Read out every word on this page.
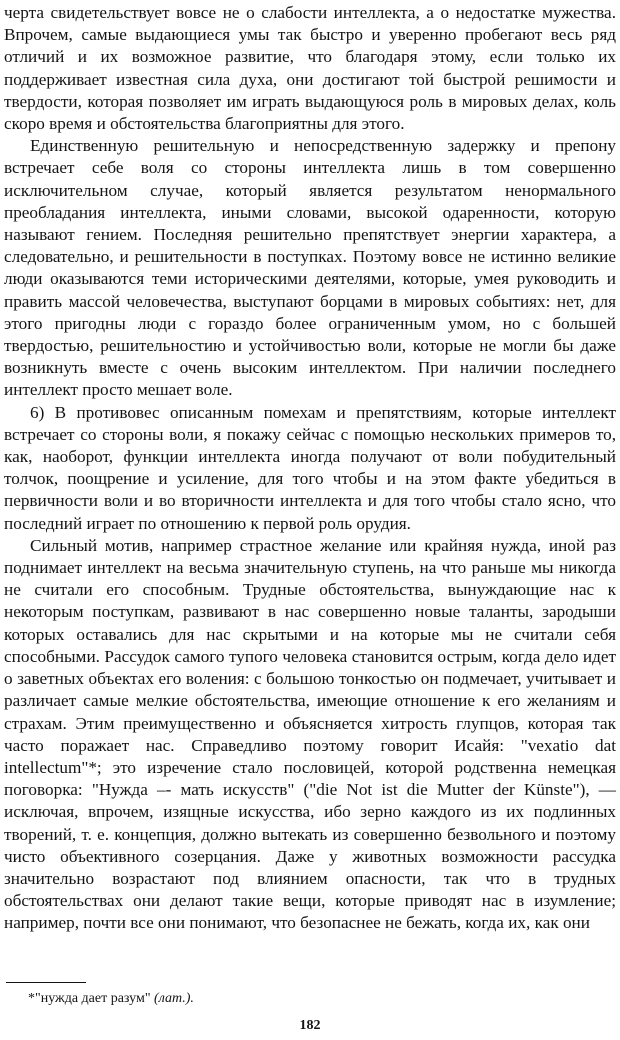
черта свидетельствует вовсе не о слабости интеллекта, а о недостатке мужества. Впрочем, самые выдающиеся умы так быстро и уверенно пробегают весь ряд отличий и их возможное развитие, что благодаря этому, если только их поддерживает известная сила духа, они достигают той быстрой решимости и твердости, которая позволяет им играть выдающуюся роль в мировых делах, коль скоро время и обстоятельства благоприятны для этого.

Единственную решительную и непосредственную задержку и препону встречает себе воля со стороны интеллекта лишь в том совершенно исключительном случае, который является результатом ненормального преобладания интеллекта, иными словами, высокой одаренности, которую называют гением. Последняя решительно препятствует энергии характера, а следовательно, и решительности в поступках. Поэтому вовсе не истинно великие люди оказываются теми историческими деятелями, которые, умея руководить и править массой человечества, выступают борцами в мировых событиях: нет, для этого пригодны люди с гораздо более ограниченным умом, но с большей твердостью, решительностию и устойчивостью воли, которые не могли бы даже возникнуть вместе с очень высоким интеллектом. При наличии последнего интеллект просто мешает воле.

6) В противовес описанным помехам и препятствиям, которые интеллект встречает со стороны воли, я покажу сейчас с помощью нескольких примеров то, как, наоборот, функции интеллекта иногда получают от воли побудительный толчок, поощрение и усиление, для того чтобы и на этом факте убедиться в первичности воли и во вторичности интеллекта и для того чтобы стало ясно, что последний играет по отношению к первой роль орудия.

Сильный мотив, например страстное желание или крайняя нужда, иной раз поднимает интеллект на весьма значительную ступень, на что раньше мы никогда не считали его способным. Трудные обстоятельства, вынуждающие нас к некоторым поступкам, развивают в нас совершенно новые таланты, зародыши которых оставались для нас скрытыми и на которые мы не считали себя способными. Рассудок самого тупого человека становится острым, когда дело идет о заветных объектах его воления: с большою тонкостью он подмечает, учитывает и различает самые мелкие обстоятельства, имеющие отношение к его желаниям и страхам. Этим преимущественно и объясняется хитрость глупцов, которая так часто поражает нас. Справедливо поэтому говорит Исайя: "vexatio dat intellectum"*; это изречение стало пословицей, которой родственна немецкая поговорка: "Нужда –- мать искусств" ("die Not ist die Mutter der Künste"), — исключая, впрочем, изящные искусства, ибо зерно каждого из их подлинных творений, т. е. концепция, должно вытекать из совершенно безвольного и поэтому чисто объективного созерцания. Даже у животных возможности рассудка значительно возрастают под влиянием опасности, так что в трудных обстоятельствах они делают такие вещи, которые приводят нас в изумление; например, почти все они понимают, что безопаснее не бежать, когда их, как они

*"нужда дает разум" (лат.).
182
